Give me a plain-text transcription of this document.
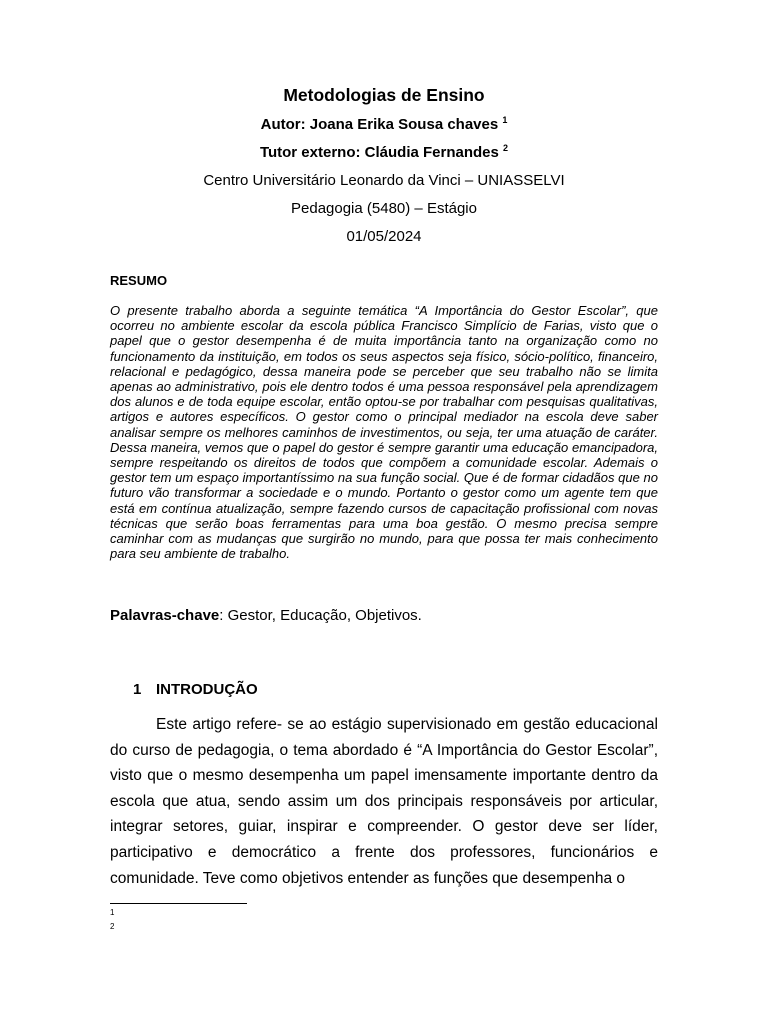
Metodologias de Ensino
Autor: Joana Erika Sousa chaves $^1$
Tutor externo: Cláudia Fernandes $^2$
Centro Universitário Leonardo da Vinci – UNIASSELVI
Pedagogia (5480) – Estágio
01/05/2024
RESUMO

O presente trabalho aborda a seguinte temática “A Importância do Gestor Escolar”, que ocorreu no ambiente escolar da escola pública Francisco Simplício de Farias, visto que o papel que o gestor desempenha é de muita importância tanto na organização como no funcionamento da instituição, em todos os seus aspectos seja físico, sócio-político, financeiro, relacional e pedagógico, dessa maneira pode se perceber que seu trabalho não se limita apenas ao administrativo, pois ele dentro todos é uma pessoa responsável pela aprendizagem dos alunos e de toda equipe escolar, então optou-se por trabalhar com pesquisas qualitativas, artigos e autores específicos. O gestor como o principal mediador na escola deve saber analisar sempre os melhores caminhos de investimentos, ou seja, ter uma atuação de caráter. Dessa maneira, vemos que o papel do gestor é sempre garantir uma educação emancipadora, sempre respeitando os direitos de todos que compõem a comunidade escolar. Ademais o gestor tem um espaço importantíssimo na sua função social. Que é de formar cidadãos que no futuro vão transformar a sociedade e o mundo. Portanto o gestor como um agente tem que está em contínua atualização, sempre fazendo cursos de capacitação profissional com novas técnicas que serão boas ferramentas para uma boa gestão. O mesmo precisa sempre caminhar com as mudanças que surgirão no mundo, para que possa ter mais conhecimento para seu ambiente de trabalho.

Palavras-chave: Gestor, Educação, Objetivos.
1 INTRODUÇÃO

Este artigo refere- se ao estágio supervisionado em gestão educacional do curso de pedagogia, o tema abordado é “A Importância do Gestor Escolar”, visto que o mesmo desempenha um papel imensamente importante dentro da escola que atua, sendo assim um dos principais responsáveis por articular, integrar setores, guiar, inspirar e compreender. O gestor deve ser líder, participativo e democrático a frente dos professores, funcionários e comunidade. Teve como objetivos entender as funções que desempenha o

1
2
